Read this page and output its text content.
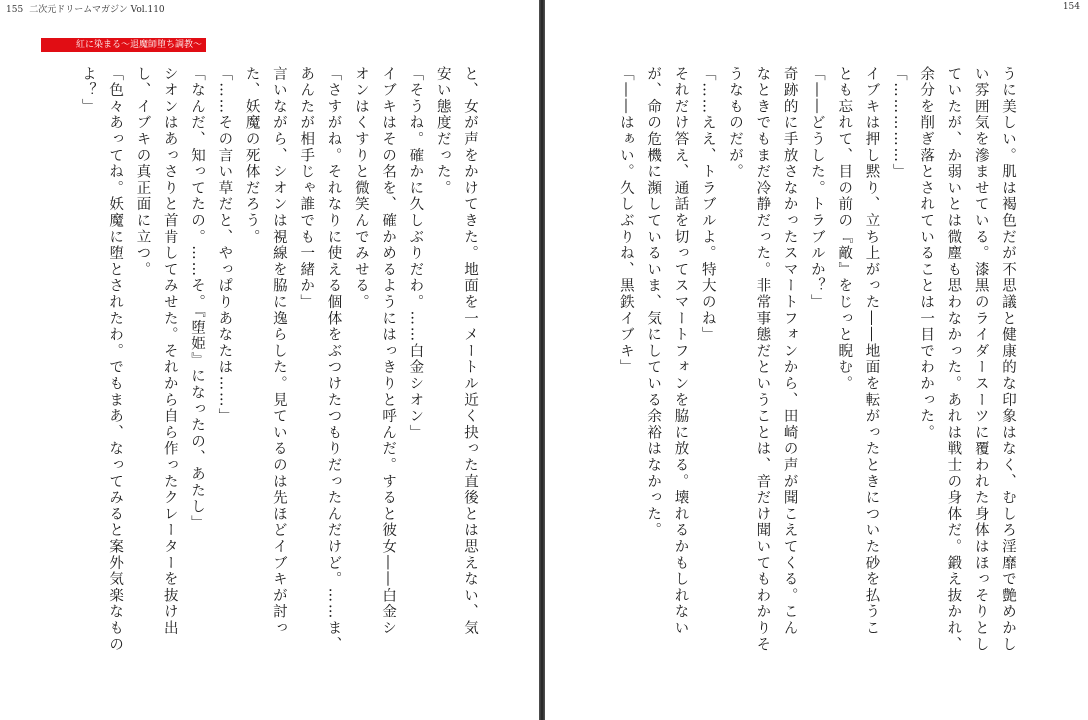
155 二次元ドリームマガジン Vol.110
紅に染まる～退魔師堕ち調教～
と、女が声をかけてきた。地面を一メートル近く抉った直後とは思えない、気
安い態度だった。
「そうね。確かに久しぶりだわ。……白金シオン」
イブキはその名を、確かめるようにはっきりと呼んだ。すると彼女――白金シ
オンはくすりと微笑んでみせる。
「さすがね。それなりに使える個体をぶつけたつもりだったんだけど。……ま、
あんたが相手じゃ誰でも一緒か」
言いながら、シオンは視線を脇に逸らした。見ているのは先ほどイブキが討っ
た、妖魔の死体だろう。
「……その言い草だと、やっぱりあなたは……」
「なんだ、知ってたの。……そ。『堕姫』になったの、あたし」
シオンはあっさりと首肯してみせた。それから自ら作ったクレーターを抜け出
し、イブキの真正面に立つ。
「色々あってね。妖魔に堕とされたわ。でもまあ、なってみると案外気楽なもの
よ？」
154
うに美しい。肌は褐色だが不思議と健康的な印象はなく、むしろ淫靡で艶めかし
い雰囲気を滲ませている。漆黒のライダースーツに覆われた身体はほっそりとし
ていたが、か弱いとは微塵も思わなかった。あれは戦士の身体だ。鍛え抜かれ、
余分を削ぎ落とされていることは一目でわかった。
「……………」
イブキは押し黙り、立ち上がった――地面を転がったときについた砂を払うこ
とも忘れて、目の前の『敵』をじっと睨む。
「――どうした。トラブルか？」
奇跡的に手放さなかったスマートフォンから、田崎の声が聞こえてくる。こん
なときでもまだ冷静だった。非常事態だということは、音だけ聞いてもわかりそ
うなものだが。
「……ええ、トラブルよ。特大のね」
それだけ答え、通話を切ってスマートフォンを脇に放る。壊れるかもしれない
が、命の危機に瀕しているいま、気にしている余裕はなかった。
「――はぁい。久しぶりね、黒鉄イブキ」
